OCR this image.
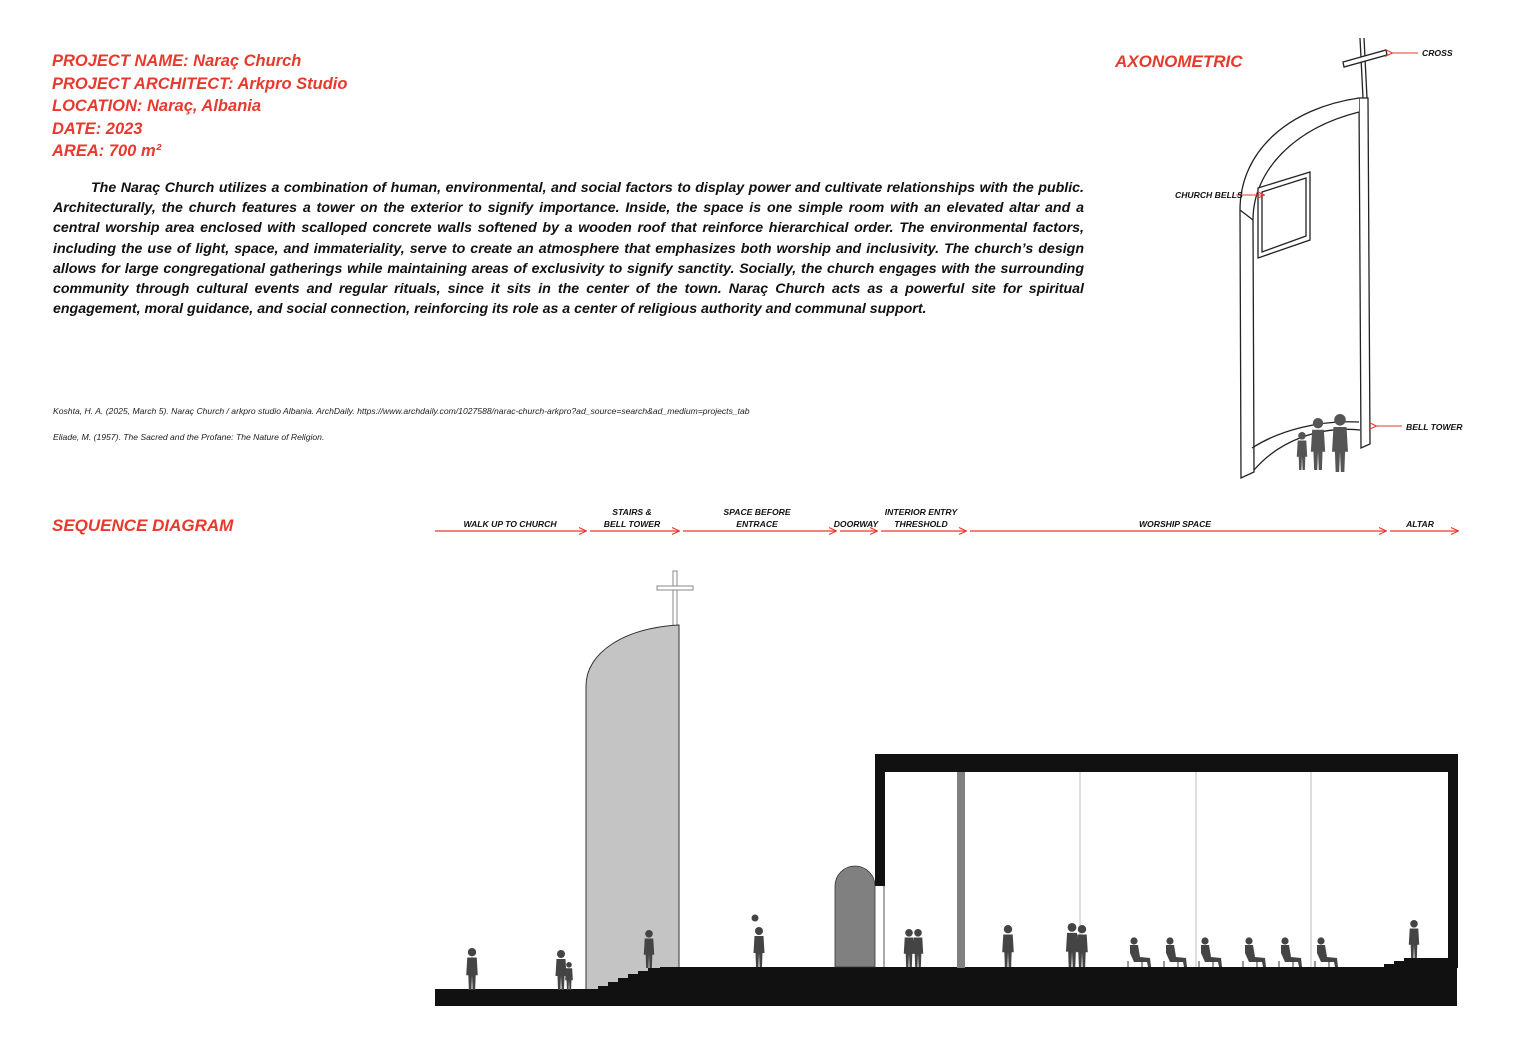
PROJECT NAME: Naraç Church
PROJECT ARCHITECT: Arkpro Studio
LOCATION: Naraç, Albania
DATE: 2023
AREA: 700 m²
The Naraç Church utilizes a combination of human, environmental, and social factors to display power and cultivate relationships with the public. Architecturally, the church features a tower on the exterior to signify importance. Inside, the space is one simple room with an elevated altar and a central worship area enclosed with scalloped concrete walls softened by a wooden roof that reinforce hierarchical order. The environmental factors, including the use of light, space, and immateriality, serve to create an atmosphere that emphasizes both worship and inclusivity. The church’s design allows for large congregational gatherings while maintaining areas of exclusivity to signify sanctity. Socially, the church engages with the surrounding community through cultural events and regular rituals, since it sits in the center of the town. Naraç Church acts as a powerful site for spiritual engagement, moral guidance, and social connection, reinforcing its role as a center of religious authority and communal support.
Koshta, H. A. (2025, March 5). Naraç Church / arkpro studio Albania. ArchDaily. https://www.archdaily.com/1027588/narac-church-arkpro?ad_source=search&ad_medium=projects_tab
Eliade, M. (1957). The Sacred and the Profane: The Nature of Religion.
AXONOMETRIC
SEQUENCE DIAGRAM
CROSS
CHURCH BELLS
BELL TOWER
WALK UP TO CHURCH
STAIRS &
BELL TOWER
SPACE BEFORE
ENTRACE	DOORWAY
INTERIOR ENTRY
THRESHOLD	WORSHIP SPACE	ALTAR
